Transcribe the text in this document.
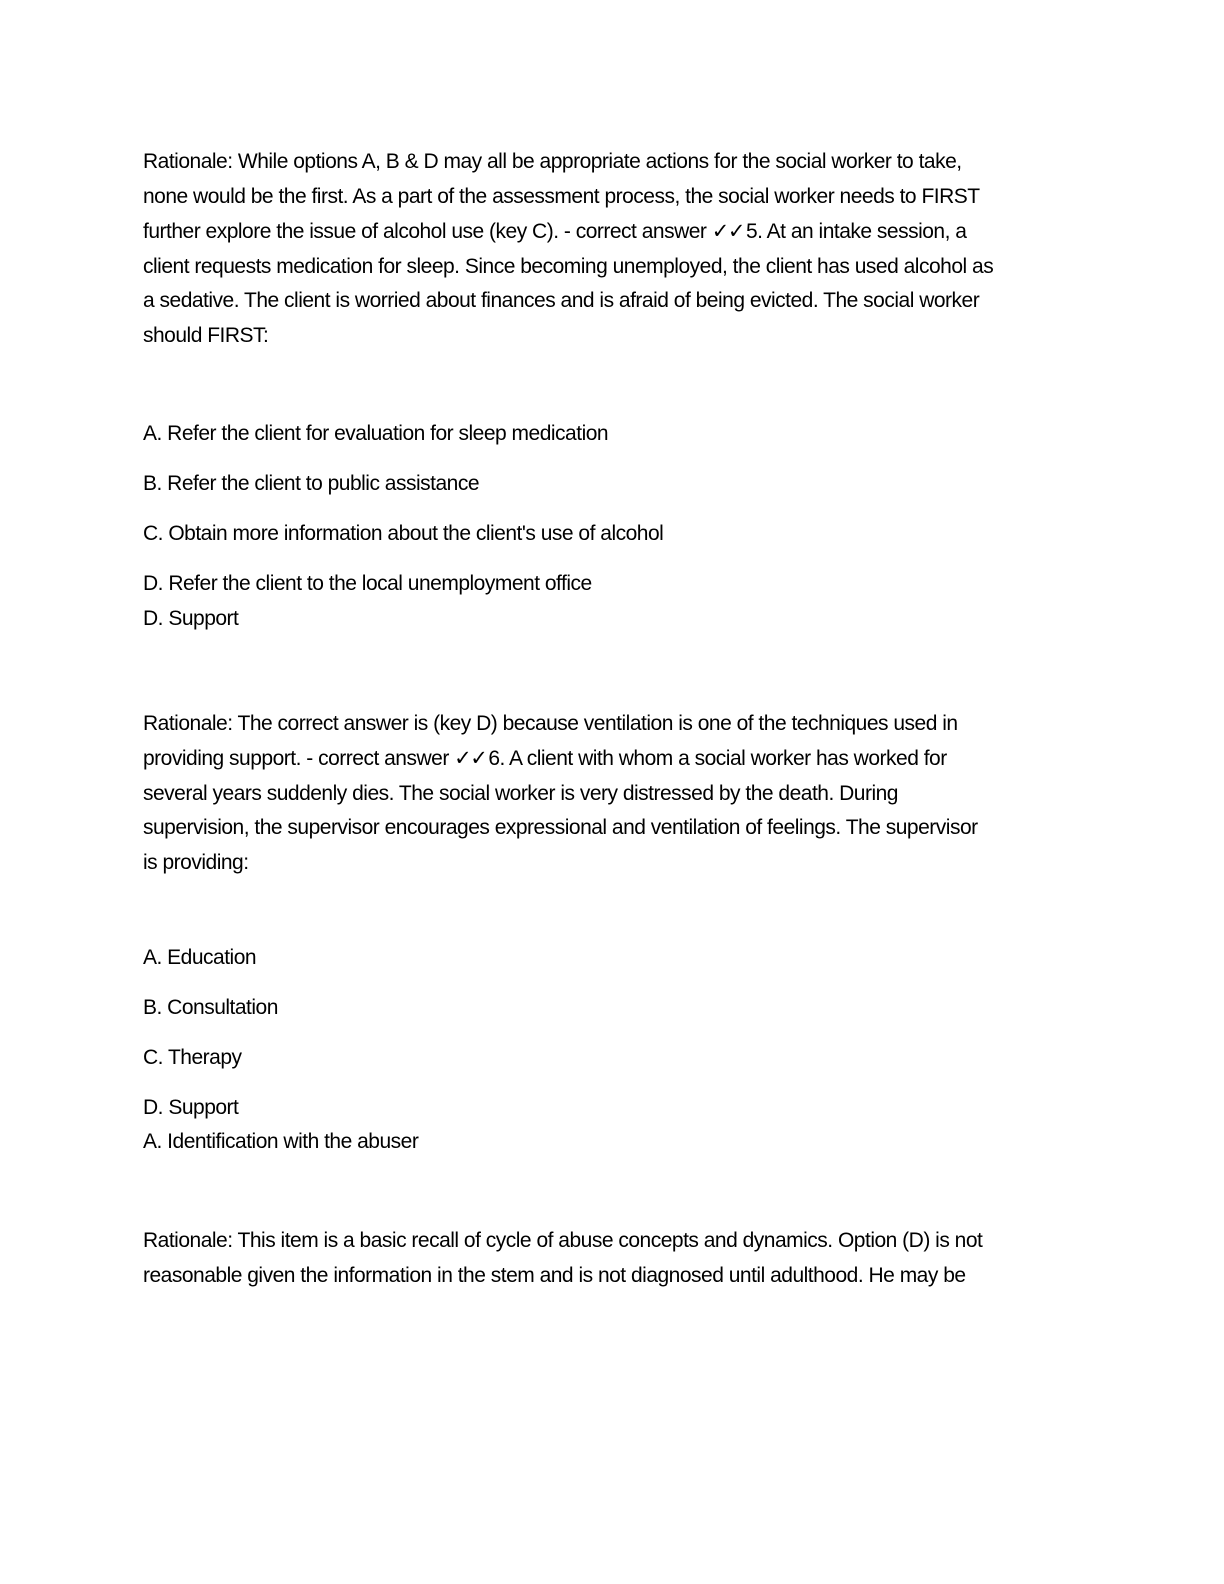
Rationale: While options A, B & D may all be appropriate actions for the social worker to take,
none would be the first. As a part of the assessment process, the social worker needs to FIRST
further explore the issue of alcohol use (key C). - correct answer ✓✓5. At an intake session, a
client requests medication for sleep. Since becoming unemployed, the client has used alcohol as
a sedative. The client is worried about finances and is afraid of being evicted. The social worker
should FIRST:

A. Refer the client for evaluation for sleep medication

B. Refer the client to public assistance

C. Obtain more information about the client's use of alcohol

D. Refer the client to the local unemployment office

D. Support

Rationale: The correct answer is (key D) because ventilation is one of the techniques used in
providing support. - correct answer ✓✓6. A client with whom a social worker has worked for
several years suddenly dies. The social worker is very distressed by the death. During
supervision, the supervisor encourages expressional and ventilation of feelings. The supervisor
is providing:

A. Education

B. Consultation

C. Therapy

D. Support

A. Identification with the abuser

Rationale: This item is a basic recall of cycle of abuse concepts and dynamics. Option (D) is not
reasonable given the information in the stem and is not diagnosed until adulthood. He may be
